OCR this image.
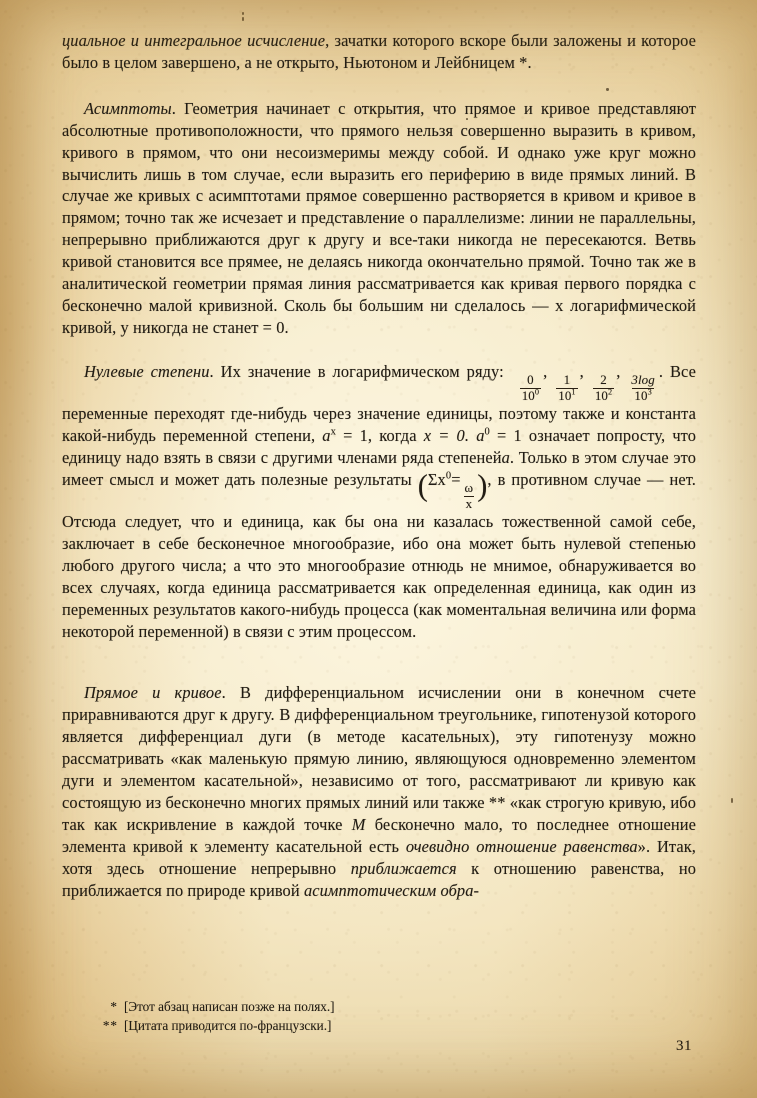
циальное и интегральное исчисление, зачатки которого вскоре были заложены и которое было в целом завершено, а не открыто, Ньютоном и Лейбницем *.

Асимптоты. Геометрия начинает с открытия, что прямое и кривое представляют абсолютные противоположности, что прямого нельзя совершенно выразить в кривом, кривого в прямом, что они несоизмеримы между собой. И однако уже круг можно вычислить лишь в том случае, если выразить его периферию в виде прямых линий. В случае же кривых с асимптотами прямое совершенно растворяется в кривом и кривое в прямом; точно так же исчезает и представление о параллелизме: линии не параллельны, непрерывно приближаются друг к другу и все-таки никогда не пересекаются. Ветвь кривой становится все прямее, не делаясь никогда окончательно прямой. Точно так же в аналитической геометрии прямая линия рассматривается как кривая первого порядка с бесконечно малой кривизной. Сколь бы большим ни сделалось — x логарифмической кривой, y никогда не станет = 0.

Нулевые степени. Их значение в логарифмическом ряду:
$\frac{0}{10^0}$
,
$\frac{1}{10^1}$
,
$\frac{2}{10^2}$
,
$\frac{3\log}{10^3}$
. Все переменные переходят где-нибудь через значение единицы, поэтому также и константа какой-нибудь переменной степени, $a^x = 1$, когда x = 0. $a^0 = 1$ означает попросту, что единицу надо взять в связи с другими членами ряда степенейa. Только в этом случае это имеет смысл и может дать полезные результаты ($\Sigma x^0=$
$\frac{\omega}{x}$ ), в противном случае — нет. Отсюда следует, что и единица, как бы она ни казалась тожественной самой себе, заключает в себе бесконечное многообразие, ибо она может быть нулевой степенью любого другого числа; а что это многообразие отнюдь не мнимое, обнаруживается во всех случаях, когда единица рассматривается как определенная единица, как один из переменных результатов какого-нибудь процесса (как моментальная величина или форма некоторой переменной) в связи с этим процессом.

Прямое и кривое. В дифференциальном исчислении они в конечном счете приравниваются друг к другу. В дифференциальном треугольнике, гипотенузой которого является дифференциал дуги (в методе касательных), эту гипотенузу можно рассматривать «как маленькую прямую линию, являющуюся одновременно элементом дуги и элементом касательной», независимо от того, рассматривают ли кривую как состоящую из бесконечно многих прямых линий или также ** «как строгую кривую, ибо так как искривление в каждой точке M бесконечно мало, то последнее отношение элемента кривой к элементу касательной есть очевидно отношение равенства». Итак, хотя здесь отношение непрерывно приближается к отношению равенства, но приближается по природе кривой асимптотическим обра-

* [Этот абзац написан позже на полях.]
** [Цитата приводится по-французски.]
31
